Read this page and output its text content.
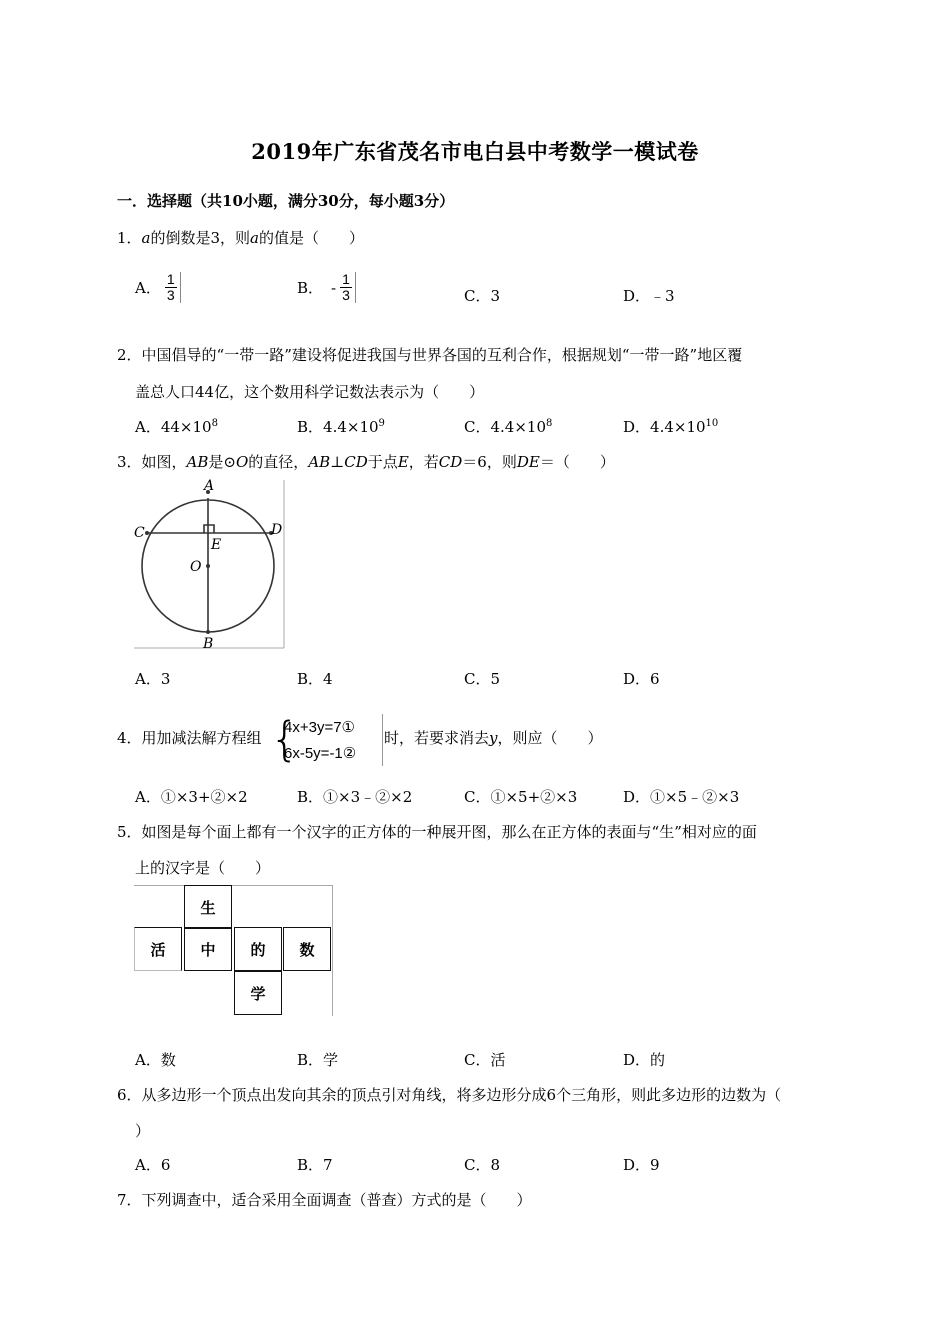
2019年广东省茂名市电白县中考数学一模试卷
一．选择题（共10小题，满分30分，每小题3分）
1．a的倒数是3，则a的值是（　　）
A． $\frac{1}{3}$	B． - $\frac{1}{3}$	C．3	D．﹣3
2．中国倡导的“一带一路”建设将促进我国与世界各国的互利合作，根据规划“一带一路”地区覆
盖总人口44亿，这个数用科学记数法表示为（　　）
A．$44\times 10^8$	B．$4.4\times 10^9$	C．$4.4\times 10^8$	D．$4.4\times 10^{10}$
3．如图，AB是⊙O的直径，AB⊥CD于点E，若CD＝6，则DE＝（　　）
A
B
C	D
E
O
A．3	B．4	C．5	D．6
4．用加减法解方程组 {
4x+3y=7①
6x-5y=-1②
时，若要求消去y，则应（　　）
A．①×3+②×2	B．①×3﹣②×2	C．①×5+②×3	D．①×5﹣②×3
5．如图是每个面上都有一个汉字的正方体的一种展开图，那么在正方体的表面与“生”相对应的面
上的汉字是（　　）
生
活	中	的	数
学
A．数	B．学	C．活	D．的
6．从多边形一个顶点出发向其余的顶点引对角线，将多边形分成6个三角形，则此多边形的边数为（
）
A．6	B．7	C．8	D．9
7．下列调查中，适合采用全面调查（普查）方式的是（　　）
